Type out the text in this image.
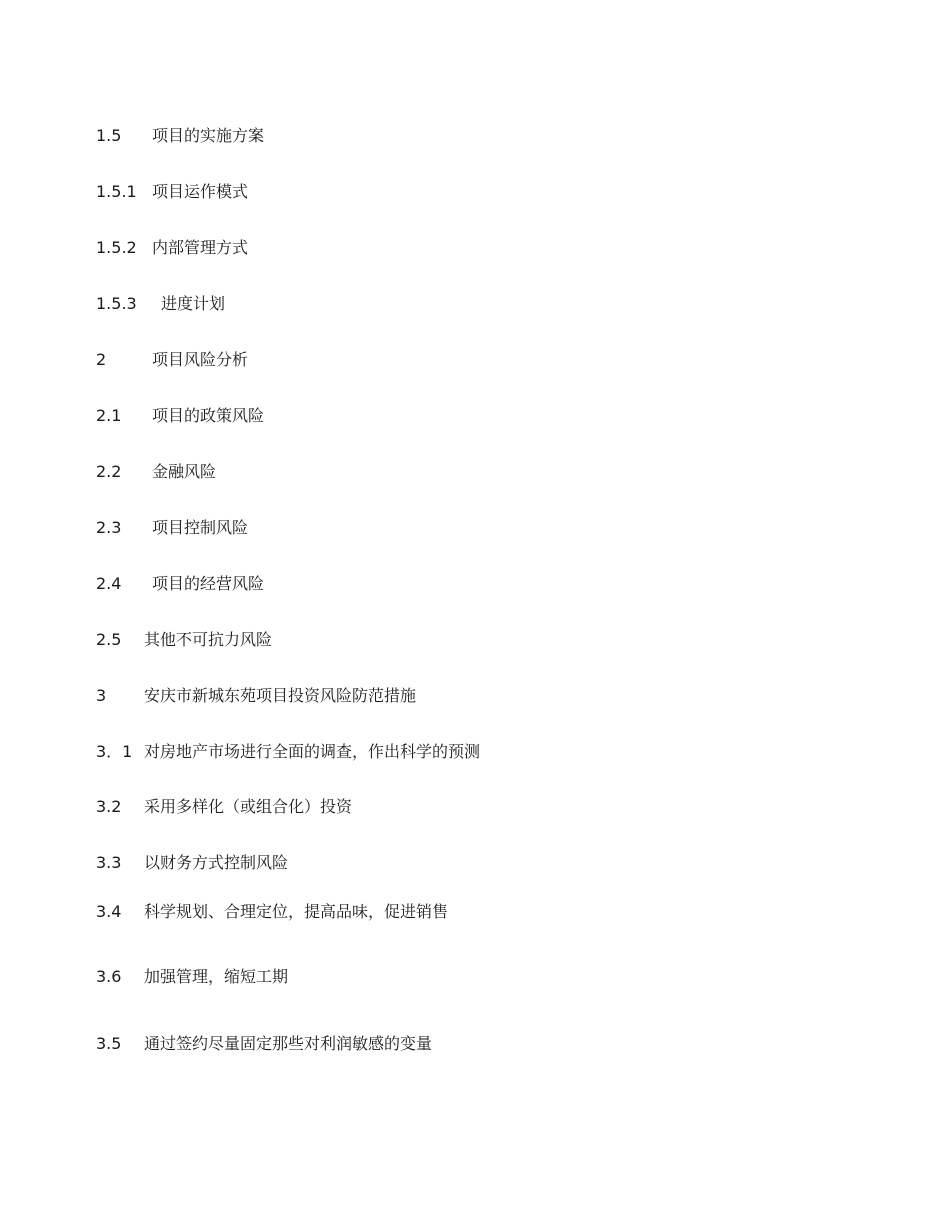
1.5 项目的实施方案
1.5.1 项目运作模式
1.5.2 内部管理方式
1.5.3 进度计划
2	项目风险分析
2.1 项目的政策风险
2.2 金融风险
2.3 项目控制风险
2.4 项目的经营风险
2.5 其他不可抗力风险
3 安庆市新城东苑项目投资风险防范措施
3．1 对房地产市场进行全面的调查，作出科学的预测
3.2 采用多样化（或组合化）投资
3.3 以财务方式控制风险
3.4 科学规划、合理定位，提高品味，促进销售
3.6 加强管理，缩短工期
3.5 通过签约尽量固定那些对利润敏感的变量
